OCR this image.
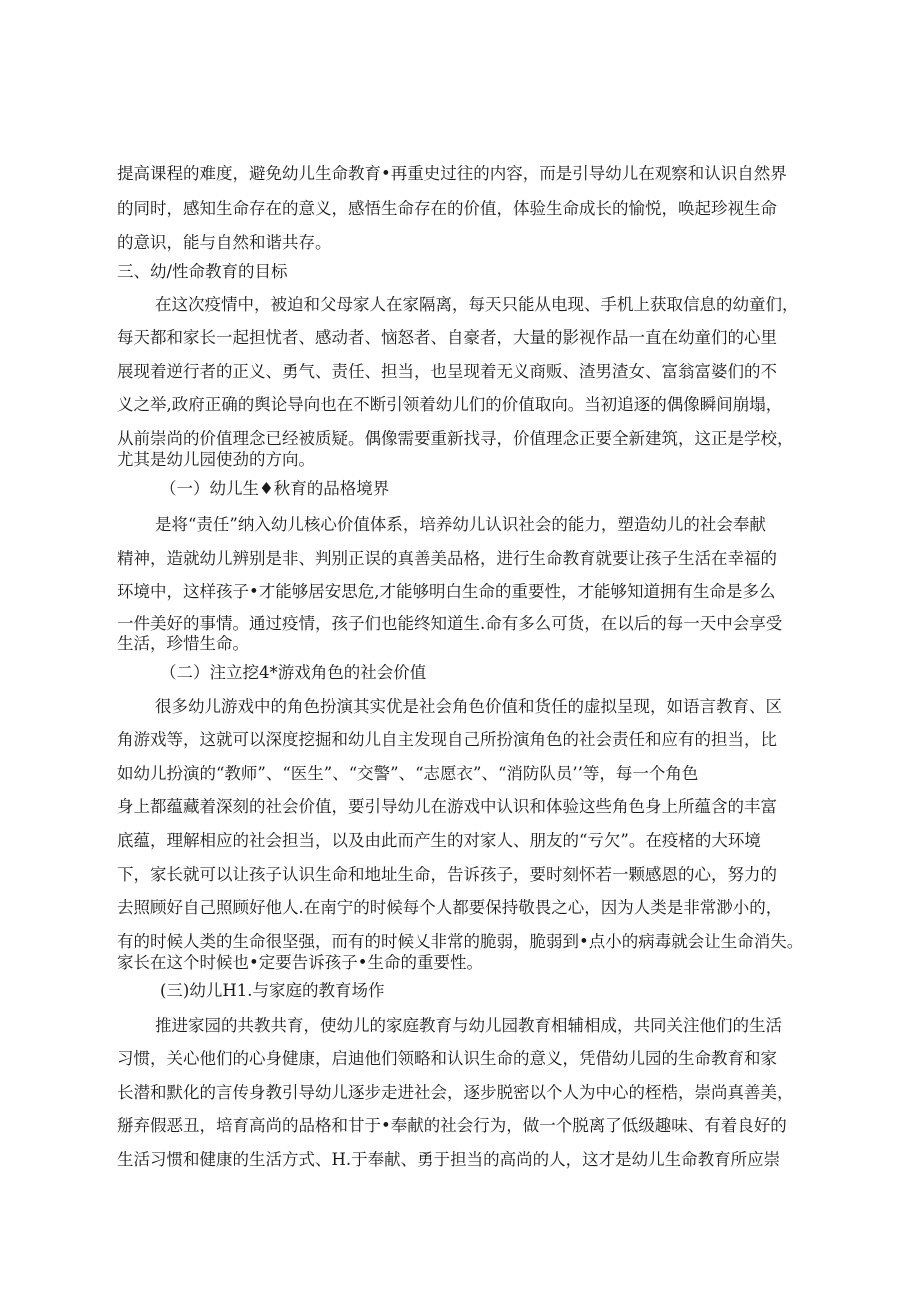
提高课程的难度，避免幼儿生命教育•再重史过往的内容，而是引导幼儿在观察和认识自然界
的同时，感知生命存在的意义，感悟生命存在的价值，体验生命成长的愉悦，唤起珍视生命
的意识，能与自然和谐共存。
三、幼/性命教育的目标
在这次疫情中，被迫和父母家人在家隔离，每天只能从电现、手机上获取信息的幼童们，
每天都和家长一起担忧者、感动者、恼怒者、自豪者，大量的影视作品一直在幼童们的心里
展现着逆行者的正义、勇气、责任、担当，也呈现着无义商贩、渣男渣女、富翁富婆们的不
义之举,政府正确的舆论导向也在不断引领着幼儿们的价值取向。当初追逐的偶像瞬间崩塌，
从前崇尚的价值理念已经被质疑。偶像需要重新找寻，价值理念正要全新建筑，这正是学校，
尤其是幼儿园使劲的方向。
（一）幼儿生♦秋育的品格境界
是将“责任”纳入幼儿核心价值体系，培养幼儿认识社会的能力，塑造幼儿的社会奉献
精神，造就幼儿辨别是非、判别正误的真善美品格，进行生命教育就要让孩子生活在幸福的
环境中，这样孩子•才能够居安思危,才能够明白生命的重要性，才能够知道拥有生命是多么
一件美好的事情。通过疫情，孩子们也能终知道生.命有多么可货，在以后的每一天中会享受
生活，珍惜生命。
（二）注立挖4*游戏角色的社会价值
很多幼儿游戏中的角色扮演其实优是社会角色价值和货任的虚拟呈现，如语言教育、区
角游戏等，这就可以深度挖掘和幼儿自主发现自己所扮演角色的社会责任和应有的担当，比
如幼儿扮演的“教师”、“医生”、“交警”、“志愿衣”、“消防队员’’等，每一个角色
身上都蕴藏着深刻的社会价值，要引导幼儿在游戏中认识和体验这些角色身上所蕴含的丰富
底蕴，理解相应的社会担当，以及由此而产生的对家人、朋友的“亏欠”。在疫楮的大环境
下，家长就可以让孩子认识生命和地址生命，告诉孩子，要时刻怀若一颗感恩的心，努力的
去照顾好自己照顾好他人.在南宁的时候每个人都要保持敬畏之心，因为人类是非常渺小的，
有的时候人类的生命很坚强，而有的时候乂非常的脆弱，脆弱到•点小的病毒就会让生命消失。
家长在这个时候也•定要告诉孩子•生命的重要性。
(三)幼儿H1.与家庭的教育场作
推进家园的共教共育，使幼儿的家庭教育与幼儿园教育相辅相成，共同关注他们的生活
习惯，关心他们的心身健康，启迪他们领略和认识生命的意义，凭借幼儿园的生命教育和家
长潜和默化的言传身教引导幼儿逐步走进社会，逐步脱密以个人为中心的桎梏，崇尚真善美，
掰弃假恶丑，培育高尚的品格和甘于•奉献的社会行为，做一个脱离了低级趣味、有着良好的
生活习惯和健康的生活方式、H.于奉献、勇于担当的高尚的人，这才是幼儿生命教育所应崇
